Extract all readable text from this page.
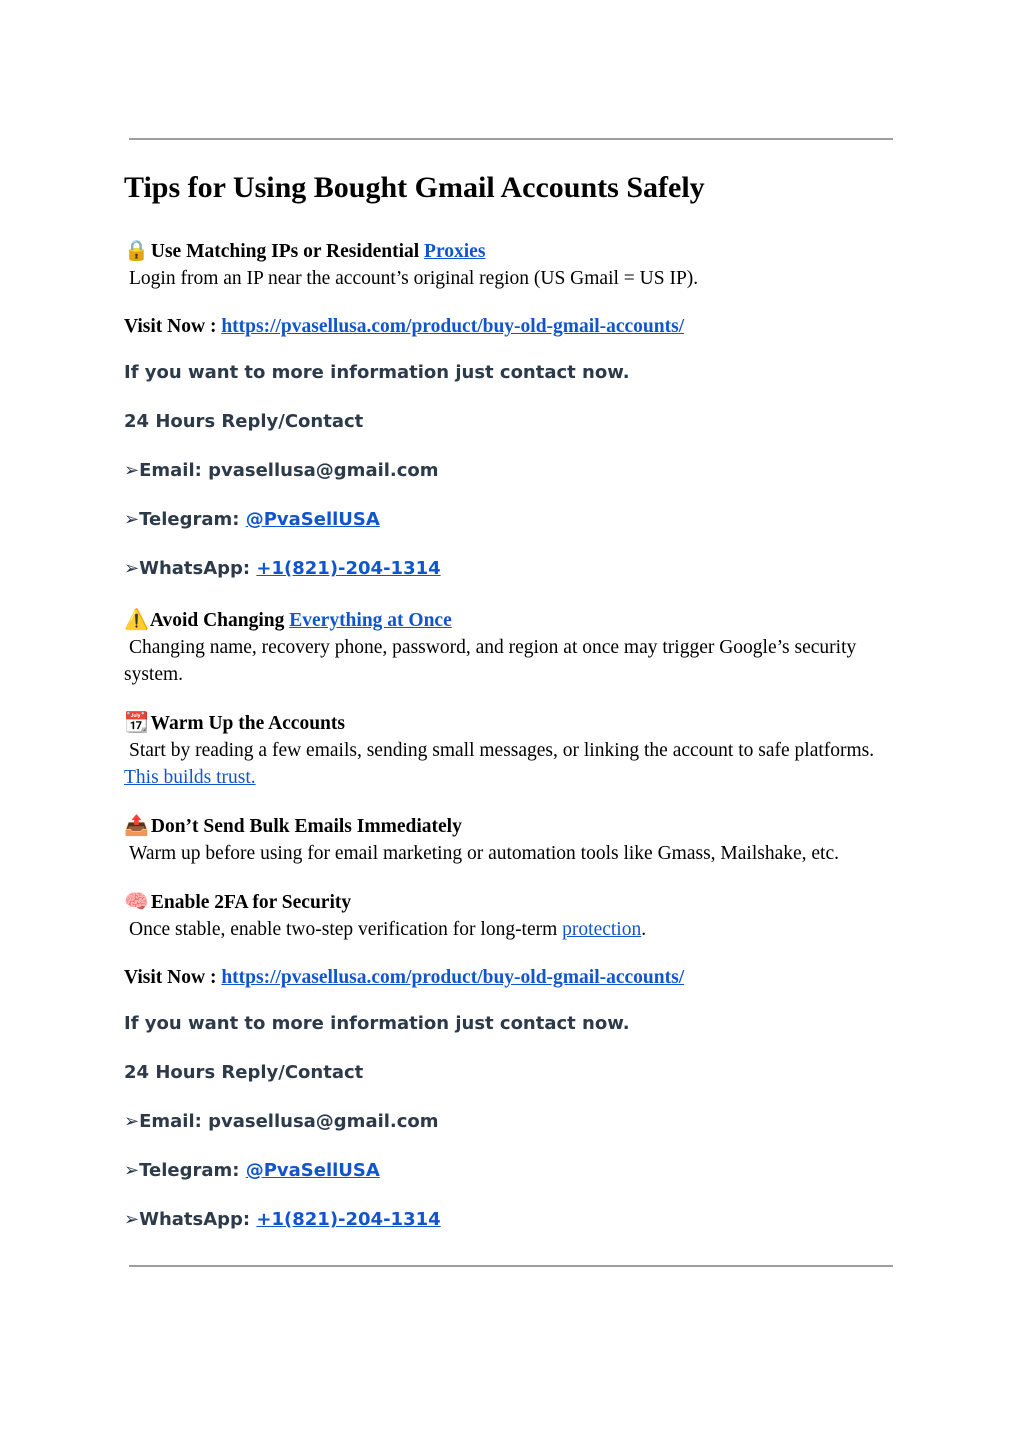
Tips for Using Bought Gmail Accounts Safely
🔒 Use Matching IPs or Residential Proxies
Login from an IP near the account’s original region (US Gmail = US IP).
Visit Now : https://pvasellusa.com/product/buy-old-gmail-accounts/
If you want to more information just contact now.
24 Hours Reply/Contact
➢Email: pvasellusa@gmail.com
➢Telegram: @PvaSellUSA
➢WhatsApp: +1(821)-204-1314
⚠️ Avoid Changing Everything at Once
Changing name, recovery phone, password, and region at once may trigger Google’s security system.
📆 Warm Up the Accounts
Start by reading a few emails, sending small messages, or linking the account to safe platforms. This builds trust.
📤 Don’t Send Bulk Emails Immediately
Warm up before using for email marketing or automation tools like Gmass, Mailshake, etc.
🧠 Enable 2FA for Security
Once stable, enable two-step verification for long-term protection.
Visit Now : https://pvasellusa.com/product/buy-old-gmail-accounts/
If you want to more information just contact now.
24 Hours Reply/Contact
➢Email: pvasellusa@gmail.com
➢Telegram: @PvaSellUSA
➢WhatsApp: +1(821)-204-1314
